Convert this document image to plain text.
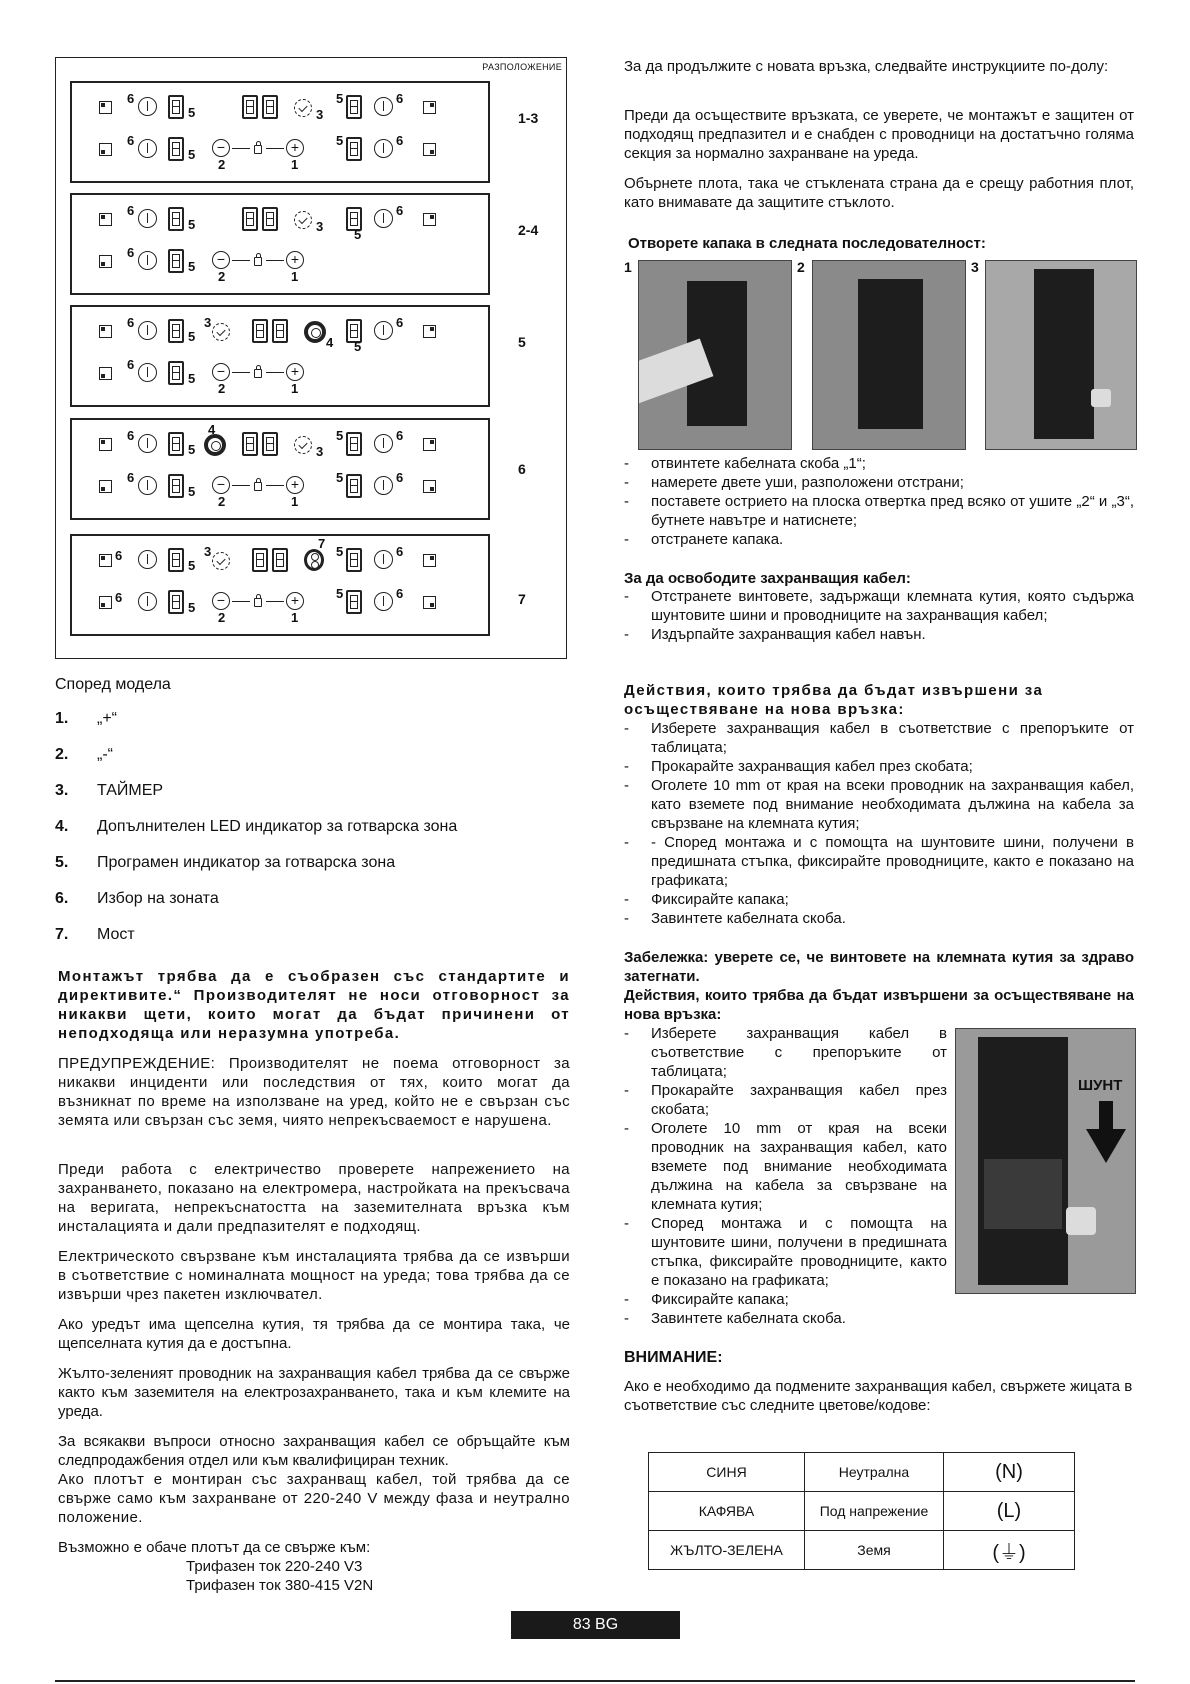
РАЗПОЛОЖЕНИЕ
6
5	3
5	6
6
5	−
2
+
1
5	6
1-3
6
5	3
5
6
6
5	−
2
+
1
2-4
6
5
3
4 5
6
6
5	−
2
+
1
5
6
5
4
3
5	6
6
5	−
2
+
1
5	6
6
6
5
3
7
5	6
6
5	−
2
+
1
5	6	7

Според модела

1. „+“
2. „-“
3. ТАЙМЕР
4. Допълнителен LED индикатор за готварска зона
5. Програмен индикатор за готварска зона
6. Избор на зоната
7. Мост

Монтажът трябва да е съобразен със стандартите и директивите.“ Производителят не носи отговорност за никакви щети, които могат да бъдат причинени от неподходяща или неразумна употреба.

ПРЕДУПРЕЖДЕНИЕ: Производителят не поема отговорност за никакви инциденти или последствия от тях, които могат да възникнат по време на използване на уред, който не е свързан със земята или свързан със земя, чиято непрекъсваемост е нарушена.

Преди работа с електричество проверете напрежението на захранването, показано на електромера, настройката на прекъсвача на веригата, непрекъснатостта на заземителната връзка към инсталацията и дали предпазителят е подходящ.

Електрическото свързване към инсталацията трябва да се извърши в съответствие с номиналната мощност на уреда; това трябва да се извърши чрез пакетен изключвател.

Ако уредът има щепселна кутия, тя трябва да се монтира така, че щепселната кутия да е достъпна.

Жълто-зеленият проводник на захранващия кабел трябва да се свърже както към заземителя на електрозахранването, така и към клемите на уреда.

За всякакви въпроси относно захранващия кабел се обръщайте към следпродажбения отдел или към квалифициран техник.

Ако плотът е монтиран със захранващ кабел, той трябва да се свърже само към захранване от 220-240 V между фаза и неутрално положение.

Възможно е обаче плотът да се свърже към:

Трифазен ток 220-240 V3

Трифазен ток 380-415 V2N

За да продължите с новата връзка, следвайте инструкциите по-долу:

Преди да осъществите връзката, се уверете, че монтажът е защитен от подходящ предпазител и е снабден с проводници на достатъчно голяма секция за нормално захранване на уреда.

Обърнете плота, така че стъклената страна да е срещу работния плот, като внимавате да защитите стъклото.

Отворете капака в следната последователност:

1	2	3
- отвинтете кабелната скоба „1“;
- намерете двете уши, разположени отстрани;
- поставете острието на плоска отвертка пред всяко от ушите „2“ и „3“, бутнете навътре и натиснете;
- отстранете капака.

За да освободите захранващия кабел:

- Отстранете винтовете, задържащи клемната кутия, която съдържа шунтовите шини и проводниците на захранващия кабел;
- Издърпайте захранващия кабел навън.

Действия, които трябва да бъдат извършени за осъществяване на нова връзка:

- Изберете захранващия кабел в съответствие с препоръките от таблицата;
- Прокарайте захранващия кабел през скобата;
- Оголете 10 mm от края на всеки проводник на захранващия кабел, като вземете под внимание необходимата дължина на кабела за свързване на клемната кутия;
- - Според монтажа и с помощта на шунтовите шини, получени в предишната стъпка, фиксирайте проводниците, както е показано на графиката;
- Фиксирайте капака;
- Завинтете кабелната скоба.

Забележка: уверете се, че винтовете на клемната кутия за здраво затегнати.

Действия, които трябва да бъдат извършени за осъществяване на нова връзка:

- Изберете захранващия кабел в съответствие с препоръките от таблицата;
- Прокарайте захранващия кабел през скобата;
- Оголете 10 mm от края на всеки проводник на захранващия кабел, като вземете под внимание необходимата дължина на кабела за свързване на клемната кутия;
- Според монтажа и с помощта на шунтовите шини, получени в предишната стъпка, фиксирайте проводниците, както е показано на графиката;
- Фиксирайте капака;
- Завинтете кабелната скоба.
ШУНТ

ВНИМАНИЕ:

Ако е необходимо да подмените захранващия кабел, свържете жицата в съответствие със следните цветове/кодове:

СИНЯ	Неутрална	(N)
КАФЯВА	Под напрежение	(L)
ЖЪЛТО-ЗЕЛЕНА	Земя	(⏚)
83 BG
